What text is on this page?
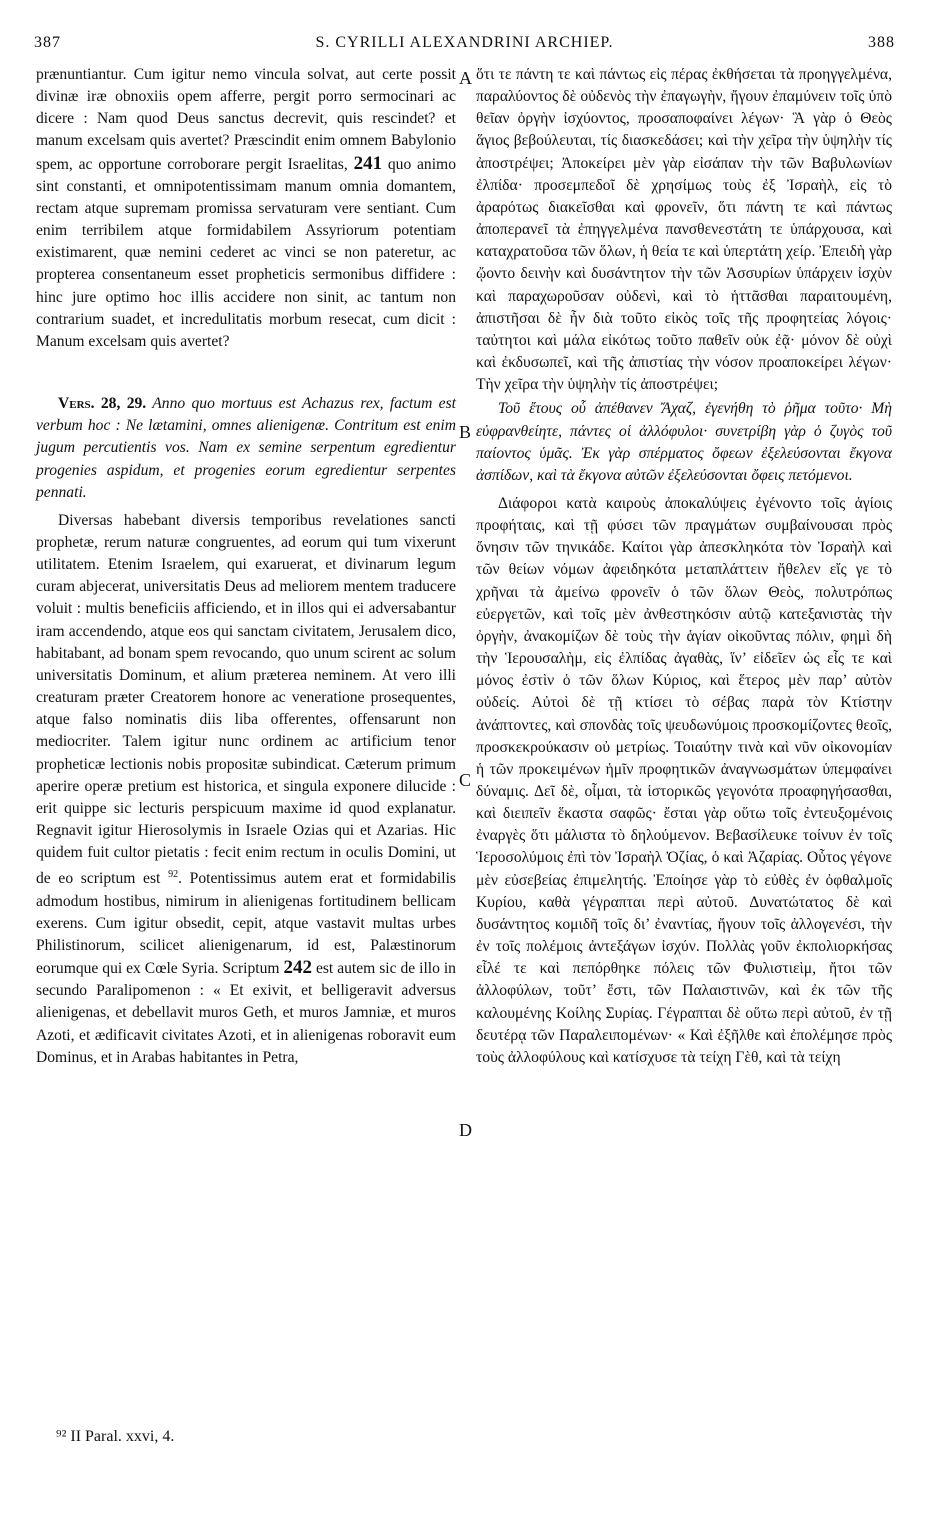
387	S. CYRILLI ALEXANDRINI ARCHIEP.	388

prænuntiantur. Cum igitur nemo vincula solvat, aut certe possit divinæ iræ obnoxiis opem afferre, pergit porro sermocinari ac dicere : Nam quod Deus sanctus decrevit, quis rescindet? et manum excelsam quis avertet? Præscindit enim omnem Babylonio spem, ac opportune corroborare pergit Israelitas, 241 quo animo sint constanti, et omnipotentissimam manum omnia domantem, rectam atque supremam promissa servaturam vere sentiant. Cum enim terribilem atque formidabilem Assyriorum potentiam existimarent, quæ nemini cederet ac vinci se non pateretur, ac propterea consentaneum esset propheticis sermonibus diffidere : hinc jure optimo hoc illis accidere non sinit, ac tantum non contrarium suadet, et incredulitatis morbum resecat, cum dicit : Manum excelsam quis avertet?

Vers. 28, 29. Anno quo mortuus est Achazus rex, factum est verbum hoc : Ne lætamini, omnes alienigenæ. Contritum est enim jugum percutientis vos. Nam ex semine serpentum egredientur progenies aspidum, et progenies eorum egredientur serpentes pennati.

Diversas habebant diversis temporibus revelationes sancti prophetæ, rerum naturæ congruentes, ad eorum qui tum vixerunt utilitatem. Etenim Israelem, qui exaruerat, et divinarum legum curam abjecerat, universitatis Deus ad meliorem mentem traducere voluit : multis beneficiis afficiendo, et in illos qui ei adversabantur iram accendendo, atque eos qui sanctam civitatem, Jerusalem dico, habitabant, ad bonam spem revocando, quo unum scirent ac solum universitatis Dominum, et alium præterea neminem. At vero illi creaturam præter Creatorem honore ac veneratione prosequentes, atque falso nominatis diis liba offerentes, offensarunt non mediocriter. Talem igitur nunc ordinem ac artificium tenor propheticæ lectionis nobis propositæ subindicat. Cæterum primum aperire operæ pretium est historica, et singula exponere dilucide : erit quippe sic lecturis perspicuum maxime id quod explanatur. Regnavit igitur Hierosolymis in Israele Ozias qui et Azarias. Hic quidem fuit cultor pietatis : fecit enim rectum in oculis Domini, ut de eo scriptum est $^{92}$. Potentissimus autem erat et formidabilis admodum hostibus, nimirum in alienigenas fortitudinem bellicam exerens. Cum igitur obsedit, cepit, atque vastavit multas urbes Philistinorum, scilicet alienigenarum, id est, Palæstinorum eorumque qui ex Cœle Syria. Scriptum 242 est autem sic de illo in secundo Paralipomenon : « Et exivit, et belligeravit adversus alienigenas, et debellavit muros Geth, et muros Jamniæ, et muros Azoti, et ædificavit civitates Azoti, et in alienigenas roboravit eum Dominus, et in Arabas habitantes in Petra,

A
B
C
D

ὅτι τε πάντη τε καὶ πάντως εἰς πέρας ἐκθήσεται τὰ προηγγελμένα, παραλύοντος δὲ οὐδενὸς τὴν ἐπαγωγὴν, ἤγουν ἐπαμύνειν τοῖς ὑπὸ θεῖαν ὀργὴν ἰσχύοντος, προσαποφαίνει λέγων· Ἃ γὰρ ὁ Θεὸς ἅγιος βεβούλευται, τίς διασκεδάσει; καὶ τὴν χεῖρα τὴν ὑψηλὴν τίς ἀποστρέψει; Ἀποκείρει μὲν γὰρ εἰσάπαν τὴν τῶν Βαβυλωνίων ἐλπίδα· προσεμπεδοῖ δὲ χρησίμως τοὺς ἐξ Ἰσραὴλ, εἰς τὸ ἀραρότως διακεῖσθαι καὶ φρονεῖν, ὅτι πάντη τε καὶ πάντως ἀποπερανεῖ τὰ ἐπηγγελμένα πανσθενεστάτη τε ὑπάρχουσα, καὶ καταχρατοῦσα τῶν ὅλων, ἡ θεία τε καὶ ὑπερτάτη χείρ. Ἐπειδὴ γὰρ ᾤοντο δεινὴν καὶ δυσάντητον τὴν τῶν Ἀσσυρίων ὑπάρχειν ἰσχὺν καὶ παραχωροῦσαν οὐδενὶ, καὶ τὸ ἡττᾶσθαι παραιτουμένη, ἀπιστῆσαι δὲ ἦν διὰ τοῦτο εἰκὸς τοῖς τῆς προφητείας λόγοις· ταὐτητοι καὶ μάλα εἰκότως τοῦτο παθεῖν οὐκ ἐᾷ· μόνον δὲ οὐχὶ καὶ ἐκδυσωπεῖ, καὶ τῆς ἀπιστίας τὴν νόσον προαποκείρει λέγων· Τὴν χεῖρα τὴν ὑψηλὴν τίς ἀποστρέψει;

Τοῦ ἔτους οὗ ἀπέθανεν Ἄχαζ, ἐγενήθη τὸ ῥῆμα τοῦτο· Μὴ εὐφρανθείητε, πάντες οἱ ἀλλόφυλοι· συνετρίβη γὰρ ὁ ζυγὸς τοῦ παίοντος ὑμᾶς. Ἐκ γὰρ σπέρματος ὄφεων ἐξελεύσονται ἔκγονα ἀσπίδων, καὶ τὰ ἔκγονα αὐτῶν ἐξελεύσονται ὄφεις πετόμενοι.

Διάφοροι κατὰ καιροὺς ἀποκαλύψεις ἐγένοντο τοῖς ἁγίοις προφήταις, καὶ τῇ φύσει τῶν πραγμάτων συμβαίνουσαι πρὸς ὄνησιν τῶν τηνικάδε. Καίτοι γὰρ ἀπεσκληκότα τὸν Ἰσραὴλ καὶ τῶν θείων νόμων ἀφειδηκότα μεταπλάττειν ἤθελεν εἴς γε τὸ χρῆναι τὰ ἀμείνω φρονεῖν ὁ τῶν ὅλων Θεὸς, πολυτρόπως εὐεργετῶν, καὶ τοῖς μὲν ἀνθεστηκόσιν αὐτῷ κατεξανιστὰς τὴν ὀργὴν, ἀνακομίζων δὲ τοὺς τὴν ἁγίαν οἰκοῦντας πόλιν, φημὶ δὴ τὴν Ἱερουσαλὴμ, εἰς ἐλπίδας ἀγαθὰς, ἵν’ εἰδεῖεν ὡς εἷς τε καὶ μόνος ἐστὶν ὁ τῶν ὅλων Κύριος, καὶ ἕτερος μὲν παρ’ αὐτὸν οὐδείς. Αὐτοὶ δὲ τῇ κτίσει τὸ σέβας παρὰ τὸν Κτίστην ἀνάπτοντες, καὶ σπονδὰς τοῖς ψευδωνύμοις προσκομίζοντες θεοῖς, προσκεκρούκασιν οὐ μετρίως. Τοιαύτην τινὰ καὶ νῦν οἰκονομίαν ἡ τῶν προκειμένων ἡμῖν προφητικῶν ἀναγνωσμάτων ὑπεμφαίνει δύναμις. Δεῖ δὲ, οἶμαι, τὰ ἱστορικῶς γεγονότα προαφηγήσασθαι, καὶ διειπεῖν ἕκαστα σαφῶς· ἔσται γὰρ οὕτω τοῖς ἐντευξομένοις ἐναργὲς ὅτι μάλιστα τὸ δηλούμενον. Βεβασίλευκε τοίνυν ἐν τοῖς Ἱεροσολύμοις ἐπὶ τὸν Ἰσραὴλ Ὀζίας, ὁ καὶ Ἀζαρίας. Οὗτος γέγονε μὲν εὐσεβείας ἐπιμελητής. Ἐποίησε γὰρ τὸ εὐθὲς ἐν ὀφθαλμοῖς Κυρίου, καθὰ γέγραπται περὶ αὐτοῦ. Δυνατώτατος δὲ καὶ δυσάντητος κομιδῆ τοῖς δι’ ἐναντίας, ἤγουν τοῖς ἀλλογενέσι, τὴν ἐν τοῖς πολέμοις ἀντεξάγων ἰσχύν. Πολλὰς γοῦν ἐκπολιορκήσας εἷλέ τε καὶ πεπόρθηκε πόλεις τῶν Φυλιστιεὶμ, ἤτοι τῶν ἀλλοφύλων, τοῦτ’ ἔστι, τῶν Παλαιστινῶν, καὶ ἐκ τῶν τῆς καλουμένης Κοίλης Συρίας. Γέγραπται δὲ οὕτω περὶ αὐτοῦ, ἐν τῇ δευτέρᾳ τῶν Παραλειπομένων· « Καὶ ἐξῆλθε καὶ ἐπολέμησε πρὸς τοὺς ἀλλοφύλους καὶ κατίσχυσε τὰ τείχη Γὲθ, καὶ τὰ τείχη

⁹² II Paral. xxvi, 4.
